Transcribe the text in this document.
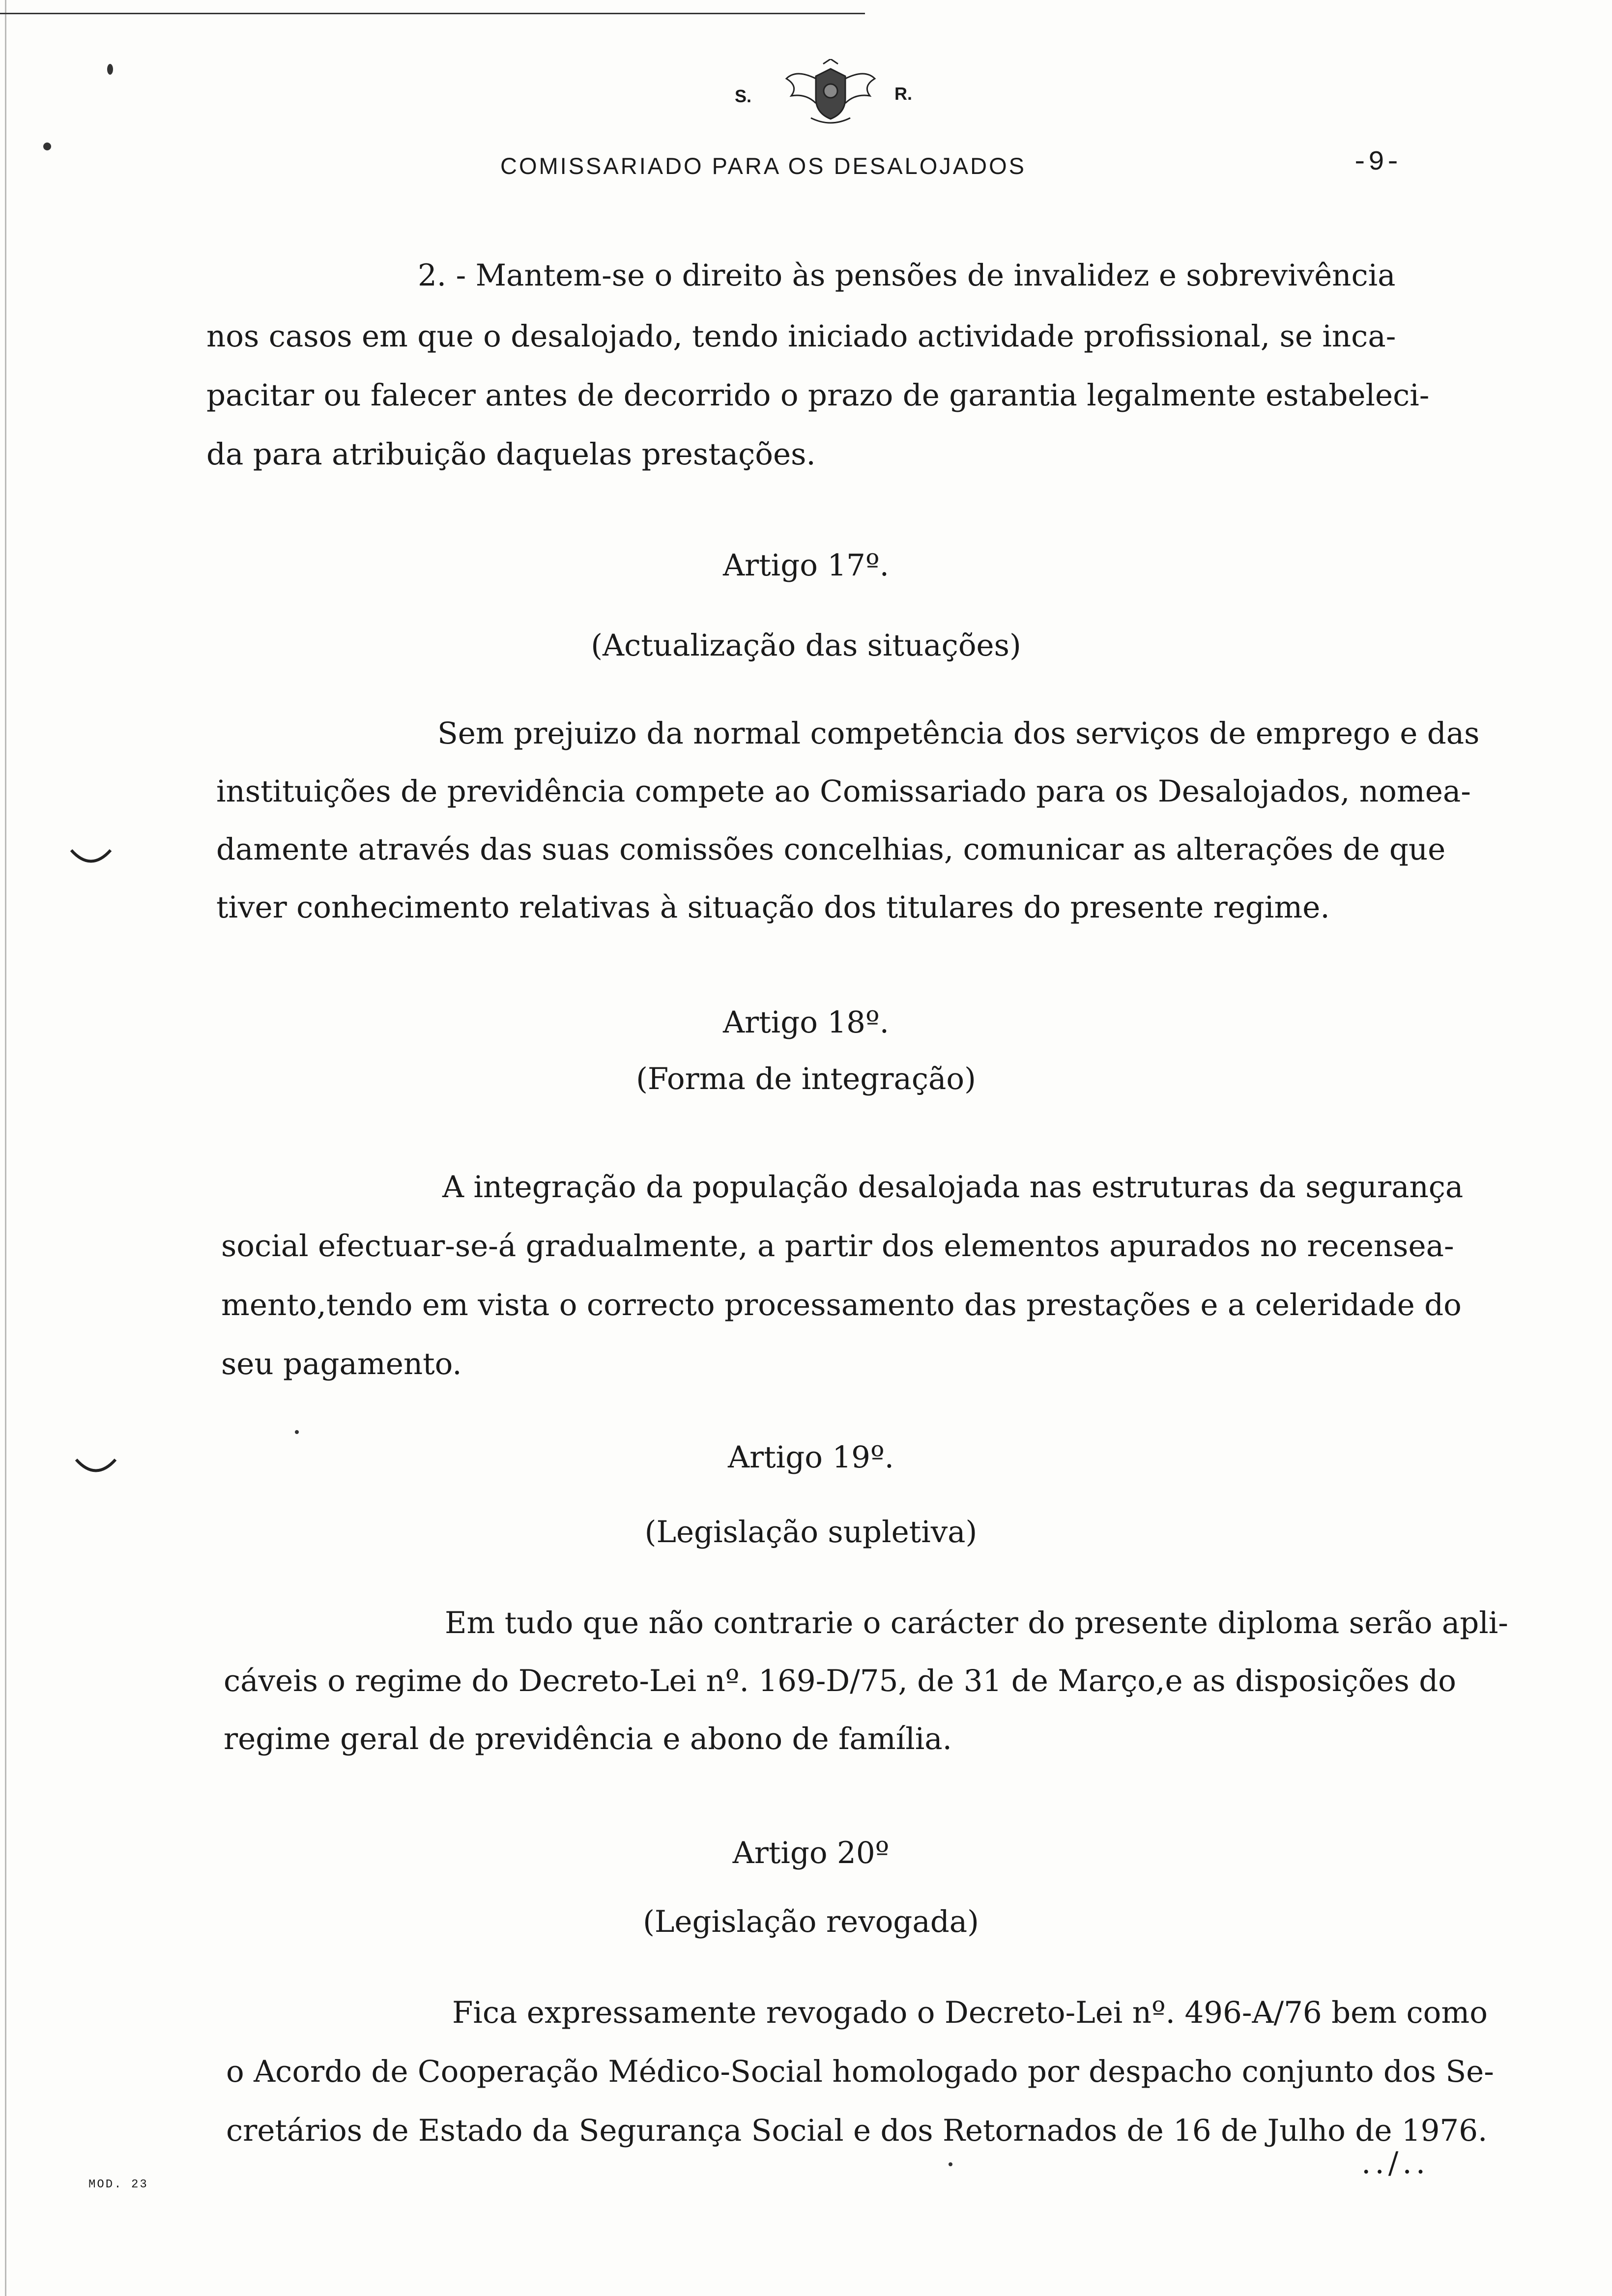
S.	R.
COMISSARIADO PARA OS DESALOJADOS	-9-
2. - Mantem-se o direito às pensões de invalidez e sobrevivência
nos casos em que o desalojado, tendo iniciado actividade profissional, se inca-
pacitar ou falecer antes de decorrido o prazo de garantia legalmente estabeleci-
da para atribuição daquelas prestações.
Artigo 17º.
(Actualização das situações)
Sem prejuizo da normal competência dos serviços de emprego e das
instituições de previdência compete ao Comissariado para os Desalojados, nomea-
damente através das suas comissões concelhias, comunicar as alterações de que
tiver conhecimento relativas à situação dos titulares do presente regime.
Artigo 18º.
(Forma de integração)
A integração da população desalojada nas estruturas da segurança
social efectuar-se-á gradualmente, a partir dos elementos apurados no recensea-
mento,tendo em vista o correcto processamento das prestações e a celeridade do
seu pagamento.
Artigo 19º.
(Legislação supletiva)
Em tudo que não contrarie o carácter do presente diploma serão apli-
cáveis o regime do Decreto-Lei nº. 169-D/75, de 31 de Março,e as disposições do
regime geral de previdência e abono de família.
Artigo 20º
(Legislação revogada)
Fica expressamente revogado o Decreto-Lei nº. 496-A/76 bem como
o Acordo de Cooperação Médico-Social homologado por despacho conjunto dos Se-
cretários de Estado da Segurança Social e dos Retornados de 16 de Julho de 1976.
../..
MOD. 23
